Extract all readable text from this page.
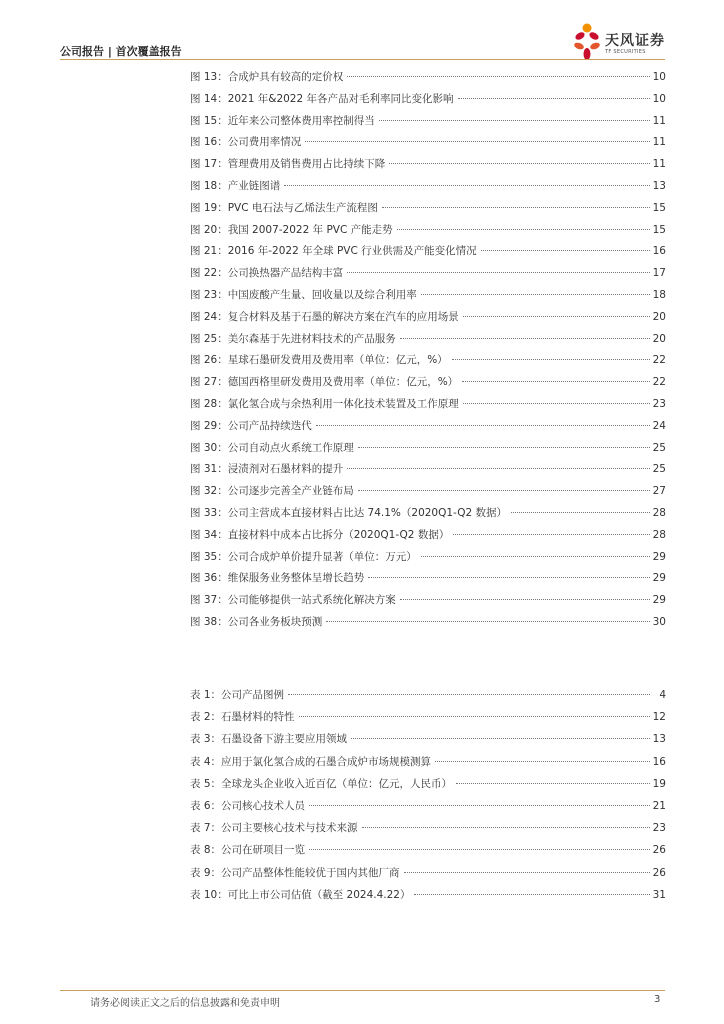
公司报告 | 首次覆盖报告
天风证券
TF SECURITIES
图 13：合成炉具有较高的定价权	10
图 14：2021 年&2022 年各产品对毛利率同比变化影响	10
图 15：近年来公司整体费用率控制得当	11
图 16：公司费用率情况	11
图 17：管理费用及销售费用占比持续下降	11
图 18：产业链图谱	13
图 19：PVC 电石法与乙烯法生产流程图	15
图 20：我国 2007-2022 年 PVC 产能走势	15
图 21：2016 年-2022 年全球 PVC 行业供需及产能变化情况	16
图 22：公司换热器产品结构丰富	17
图 23：中国废酸产生量、回收量以及综合利用率	18
图 24：复合材料及基于石墨的解决方案在汽车的应用场景	20
图 25：美尔森基于先进材料技术的产品服务	20
图 26：星球石墨研发费用及费用率（单位：亿元，%）	22
图 27：德国西格里研发费用及费用率（单位：亿元，%）	22
图 28：氯化氢合成与余热利用一体化技术装置及工作原理	23
图 29：公司产品持续迭代	24
图 30：公司自动点火系统工作原理	25
图 31：浸渍剂对石墨材料的提升	25
图 32：公司逐步完善全产业链布局	27
图 33：公司主营成本直接材料占比达 74.1%（2020Q1-Q2 数据）	28
图 34：直接材料中成本占比拆分（2020Q1-Q2 数据）	28
图 35：公司合成炉单价提升显著（单位：万元）	29
图 36：维保服务业务整体呈增长趋势	29
图 37：公司能够提供一站式系统化解决方案	29
图 38：公司各业务板块预测	30
表 1：公司产品图例	4
表 2：石墨材料的特性	12
表 3：石墨设备下游主要应用领域	13
表 4：应用于氯化氢合成的石墨合成炉市场规模测算	16
表 5：全球龙头企业收入近百亿（单位：亿元，人民币）	19
表 6：公司核心技术人员	21
表 7：公司主要核心技术与技术来源	23
表 8：公司在研项目一览	26
表 9：公司产品整体性能较优于国内其他厂商	26
表 10：可比上市公司估值（截至 2024.4.22）	31
请务必阅读正文之后的信息披露和免责申明	3
